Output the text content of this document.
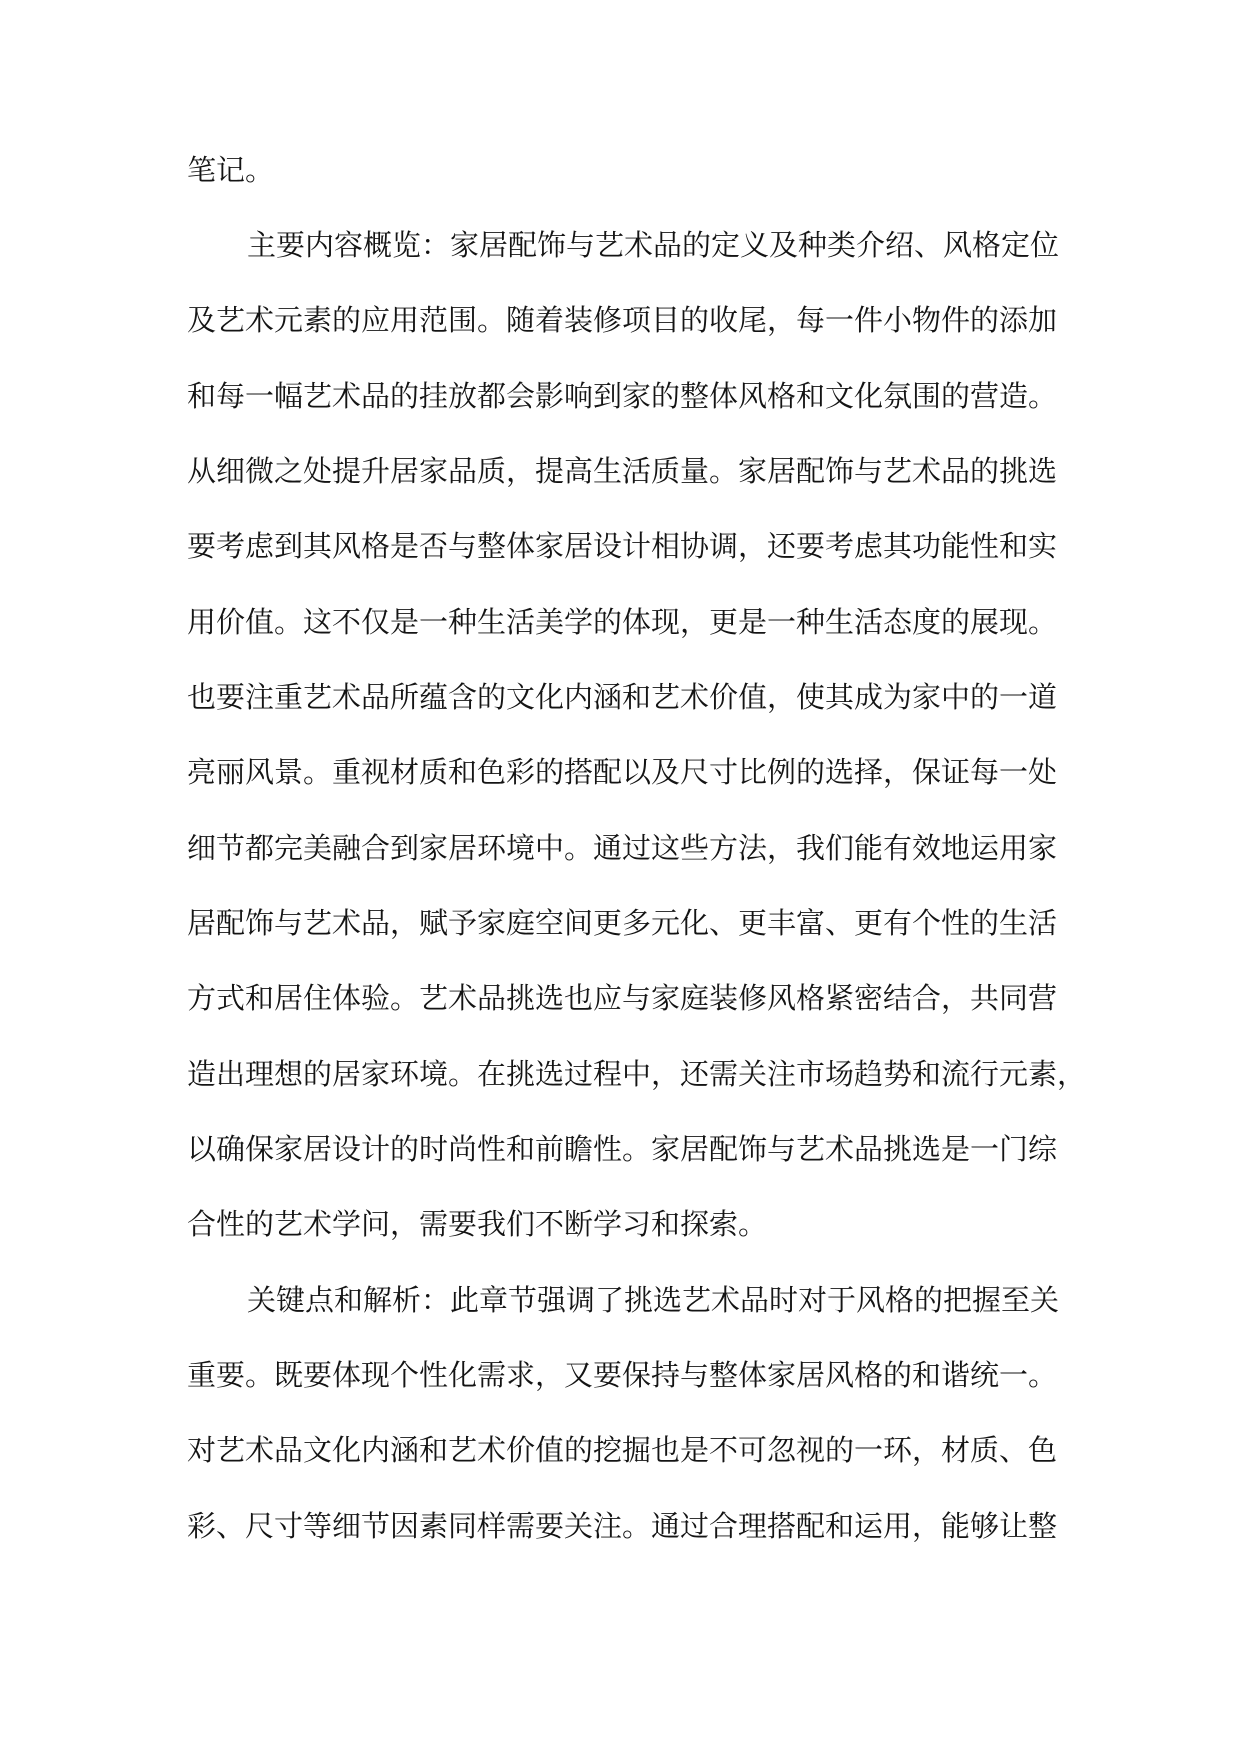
笔记。
主要内容概览：家居配饰与艺术品的定义及种类介绍、风格定位
及艺术元素的应用范围。随着装修项目的收尾，每一件小物件的添加
和每一幅艺术品的挂放都会影响到家的整体风格和文化氛围的营造。
从细微之处提升居家品质，提高生活质量。家居配饰与艺术品的挑选
要考虑到其风格是否与整体家居设计相协调，还要考虑其功能性和实
用价值。这不仅是一种生活美学的体现，更是一种生活态度的展现。
也要注重艺术品所蕴含的文化内涵和艺术价值，使其成为家中的一道
亮丽风景。重视材质和色彩的搭配以及尺寸比例的选择，保证每一处
细节都完美融合到家居环境中。通过这些方法，我们能有效地运用家
居配饰与艺术品，赋予家庭空间更多元化、更丰富、更有个性的生活
方式和居住体验。艺术品挑选也应与家庭装修风格紧密结合，共同营
造出理想的居家环境。在挑选过程中，还需关注市场趋势和流行元素，
以确保家居设计的时尚性和前瞻性。家居配饰与艺术品挑选是一门综
合性的艺术学问，需要我们不断学习和探索。
关键点和解析：此章节强调了挑选艺术品时对于风格的把握至关
重要。既要体现个性化需求，又要保持与整体家居风格的和谐统一。
对艺术品文化内涵和艺术价值的挖掘也是不可忽视的一环，材质、色
彩、尺寸等细节因素同样需要关注。通过合理搭配和运用，能够让整
